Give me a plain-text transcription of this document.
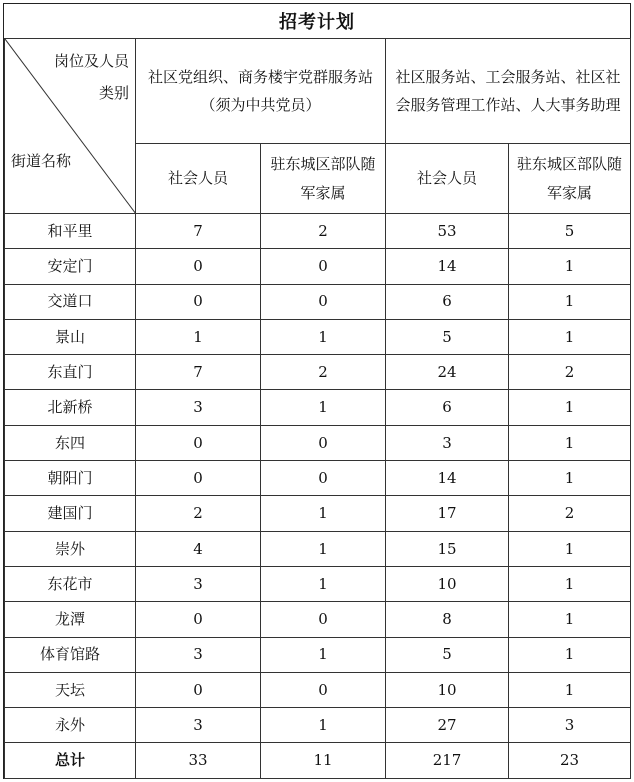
招考计划
岗位及人员
类别
街道名称	社区党组织、商务楼宇党群服务站（须为中共党员）		社区服务站、工会服务站、社区社会服务管理工作站、人大事务助理	
	社会人员	驻东城区部队随军家属	社会人员	驻东城区部队随军家属
和平里	7	2	53	5
安定门	0	0	14	1
交道口	0	0	6	1
景山	1	1	5	1
东直门	7	2	24	2
北新桥	3	1	6	1
东四	0	0	3	1
朝阳门	0	0	14	1
建国门	2	1	17	2
崇外	4	1	15	1
东花市	3	1	10	1
龙潭	0	0	8	1
体育馆路	3	1	5	1
天坛	0	0	10	1
永外	3	1	27	3
总计	33	11	217	23
